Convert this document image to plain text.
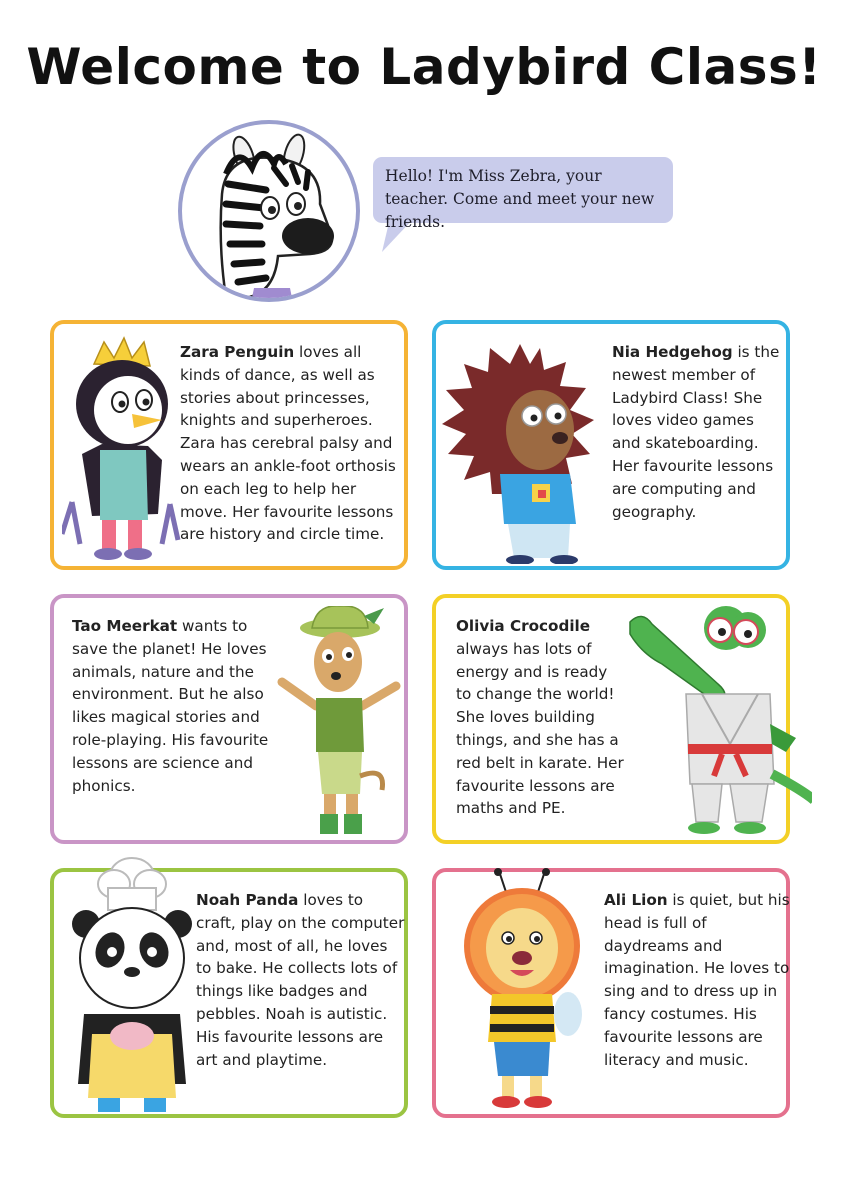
Welcome to Ladybird Class!
Hello! I'm Miss Zebra, your teacher. Come and meet your new friends.
Zara Penguin loves all kinds of dance, as well as stories about princesses, knights and superheroes. Zara has cerebral palsy and wears an ankle-foot orthosis on each leg to help her move. Her favourite lessons are history and circle time.
Nia Hedgehog is the newest member of Ladybird Class! She loves video games and skateboarding. Her favourite lessons are computing and geography.
Tao Meerkat wants to save the planet! He loves animals, nature and the environment. But he also likes magical stories and role-playing. His favourite lessons are science and phonics.
Olivia Crocodile always has lots of energy and is ready to change the world! She loves building things, and she has a red belt in karate. Her favourite lessons are maths and PE.
Noah Panda loves to craft, play on the computer and, most of all, he loves to bake. He collects lots of things like badges and pebbles. Noah is autistic. His favourite lessons are art and playtime.
Ali Lion is quiet, but his head is full of daydreams and imagination. He loves to sing and to dress up in fancy costumes. His favourite lessons are literacy and music.
